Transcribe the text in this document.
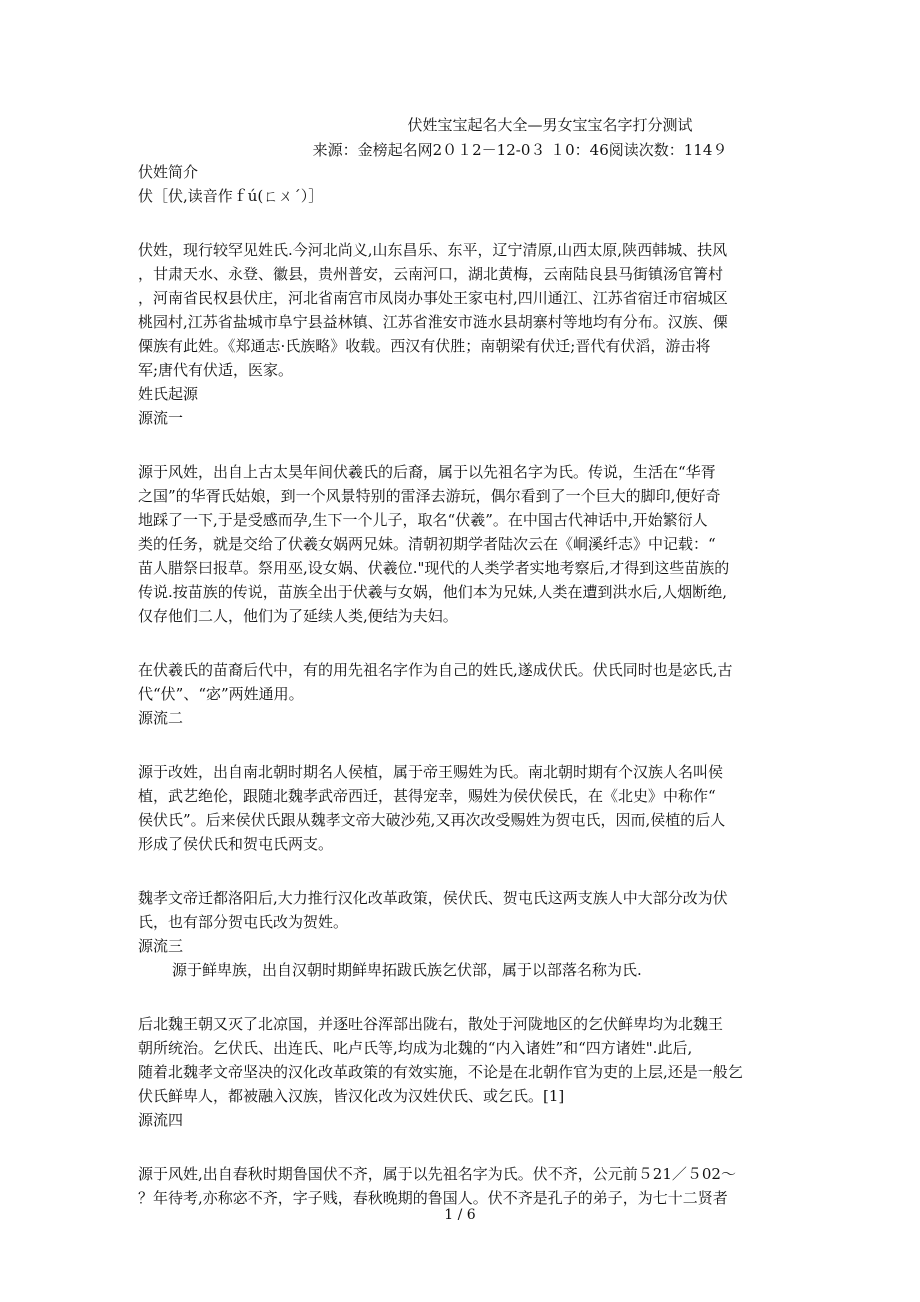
伏姓宝宝起名大全—男女宝宝名字打分测试
来源：金榜起名网2０１2－12-0３ １0：46阅读次数：114９
伏姓简介
伏［伏,读音作ｆú(ㄈㄨˊ）］
伏姓，现行较罕见姓氏.今河北尚义,山东昌乐、东平，辽宁清原,山西太原,陕西韩城、扶风
，甘肃天水、永登、徽县，贵州普安，云南河口，湖北黄梅，云南陆良县马街镇汤官箐村
，河南省民权县伏庄，河北省南宫市凤岗办事处王家屯村,四川通江、江苏省宿迁市宿城区
桃园村,江苏省盐城市阜宁县益林镇、江苏省淮安市涟水县胡寨村等地均有分布。汉族、傈
傈族有此姓。《郑通志·氏族略》收载。西汉有伏胜；南朝梁有伏迁;晋代有伏滔，游击将
军;唐代有伏适，医家。
姓氏起源
源流一
源于风姓，出自上古太昊年间伏羲氏的后裔，属于以先祖名字为氏。传说，生活在“华胥
之国”的华胥氏姑娘，到一个风景特别的雷泽去游玩，偶尔看到了一个巨大的脚印,便好奇
地踩了一下,于是受感而孕,生下一个儿子，取名“伏羲”。在中国古代神话中,开始繁衍人
类的任务，就是交给了伏羲女娲两兄妹。清朝初期学者陆次云在《峒溪纤志》中记载：“
苗人腊祭曰报草。祭用巫,设女娲、伏羲位."现代的人类学者实地考察后,才得到这些苗族的
传说.按苗族的传说，苗族全出于伏羲与女娲，他们本为兄妹,人类在遭到洪水后,人烟断绝,
仅存他们二人，他们为了延续人类,便结为夫妇。
在伏羲氏的苗裔后代中，有的用先祖名字作为自己的姓氏,遂成伏氏。伏氏同时也是宓氏,古
代“伏”、“宓”两姓通用。
源流二
源于改姓，出自南北朝时期名人侯植，属于帝王赐姓为氏。南北朝时期有个汉族人名叫侯
植，武艺绝伦，跟随北魏孝武帝西迁，甚得宠幸，赐姓为侯伏侯氏，在《北史》中称作“
侯伏氏”。后来侯伏氏跟从魏孝文帝大破沙苑,又再次改受赐姓为贺屯氏，因而,侯植的后人
形成了侯伏氏和贺屯氏两支。
魏孝文帝迁都洛阳后,大力推行汉化改革政策，侯伏氏、贺屯氏这两支族人中大部分改为伏
氏，也有部分贺屯氏改为贺姓。
源流三
源于鲜卑族，出自汉朝时期鲜卑拓跋氏族乞伏部，属于以部落名称为氏.
后北魏王朝又灭了北凉国，并逐吐谷浑部出陇右，散处于河陇地区的乞伏鲜卑均为北魏王
朝所统治。乞伏氏、出连氏、叱卢氏等,均成为北魏的“内入诸姓”和“四方诸姓".此后,
随着北魏孝文帝坚决的汉化改革政策的有效实施，不论是在北朝作官为吏的上层,还是一般乞
伏氏鲜卑人，都被融入汉族，皆汉化改为汉姓伏氏、或乞氏。[1]
源流四
源于风姓,出自春秋时期鲁国伏不齐，属于以先祖名字为氏。伏不齐，公元前５21／５02～
？年待考,亦称宓不齐，字子贱，春秋晚期的鲁国人。伏不齐是孔子的弟子，为七十二贤者
1 / 6
